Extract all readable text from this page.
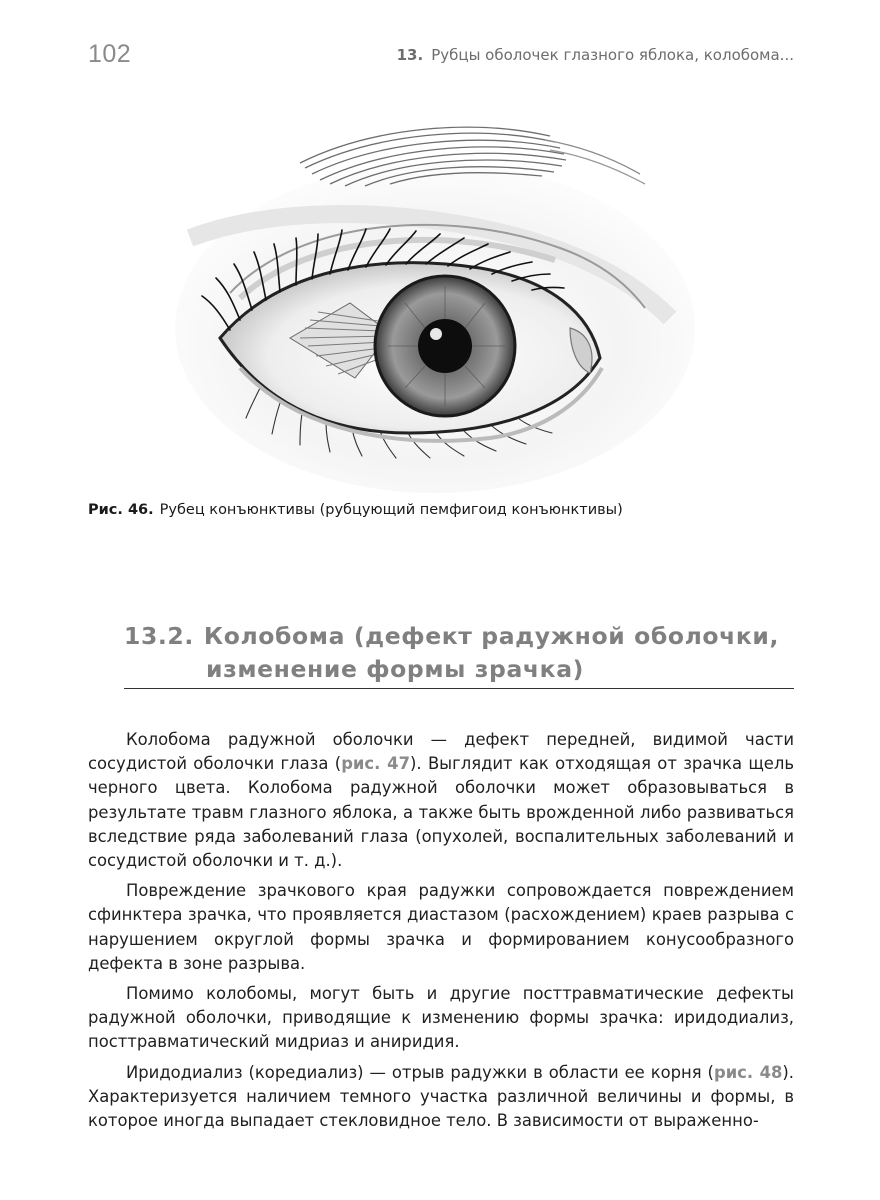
102	13. Рубцы оболочек глазного яблока, колобома...
Рис. 46. Рубец конъюнктивы (рубцующий пемфигоид конъюнктивы)
13.2. Колобома (дефект радужной оболочки,
изменение формы зрачка)

Колобома радужной оболочки — дефект передней, видимой части сосудистой оболочки глаза (рис. 47). Выглядит как отходящая от зрачка щель черного цвета. Колобома радужной оболочки может образовываться в результате травм глазного яблока, а также быть врожденной либо развиваться вследствие ряда заболеваний глаза (опухолей, воспалительных заболеваний и сосудистой оболочки и т. д.).

Повреждение зрачкового края радужки сопровождается повреждением сфинктера зрачка, что проявляется диастазом (расхождением) краев разрыва с нарушением округлой формы зрачка и формированием конусообразного дефекта в зоне разрыва.

Помимо колобомы, могут быть и другие посттравматические дефекты радужной оболочки, приводящие к изменению формы зрачка: иридодиализ, посттравматический мидриаз и аниридия.

Иридодиализ (коредиализ) — отрыв радужки в области ее корня (рис. 48). Характеризуется наличием темного участка различной величины и формы, в которое иногда выпадает стекловидное тело. В зависимости от выраженно-
